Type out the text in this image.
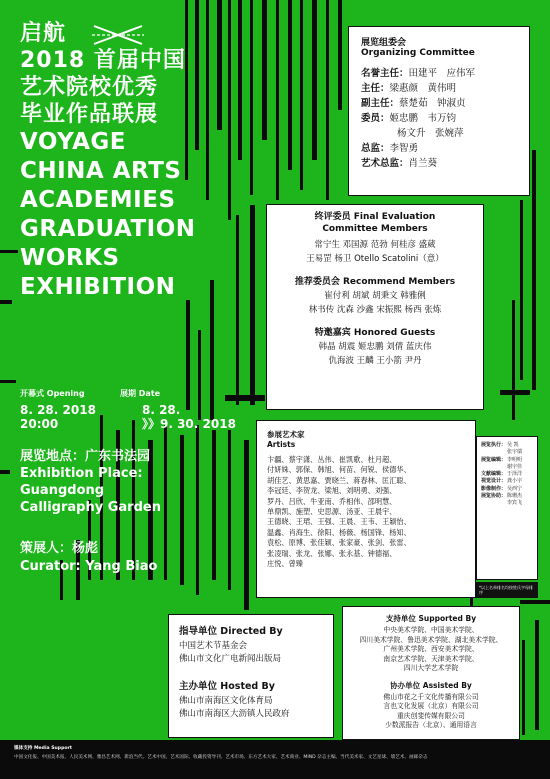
启航
2018 首届中国
艺术院校优秀
毕业作品联展
VOYAGE
CHINA ARTS
ACADEMIES
GRADUATION
WORKS
EXHIBITION
开幕式 Opening
8. 28. 2018
20:00
展期 Date
8. 28.
》》9. 30. 2018
展览地点：广东书法园
Exhibition Place:
Guangdong
Calligraphy Garden
策展人：杨彪
Curator: Yang Biao
展览组委会
Organizing Committee
名誉主任：田建平　应伟军
主任：梁惠颜　黄伟明
副主任：蔡楚茹　钟淑贞
委员：姬忠鹏　韦万钧
杨文升　张婉萍
总监：李智勇
艺术总监：肖兰葵
终评委员 Final Evaluation
Committee Members
常宁生 邓国源 范勃 何桂彦 盛葳
王易罡 杨卫 Otello Scatolini（意）
推荐委员会 Recommend Members
崔付利 胡斌 胡秉文 韩雅俐
林书传 沈森 沙鑫 宋振熙 杨西 张炼
特邀嘉宾 Honored Guests
韩晶 胡震 姬忠鹏 刘倩 蓝庆伟
仇海波 王麟 王小箭 尹丹
参展艺术家
Artists
卞疆、蔡宇潇、丛伟、崔凯歌、杜月超、
付妍姝、郭保、韩旭、何苗、何锐、侯德华、
胡佳艺、黄思嘉、贾晓兰、蒋春林、匡汇聪、
李冠廷、李贺龙、梁旭、刘明勇、刘强、
罗丹、吕欣、牛亚南、乔相伟、邵明慧、
单鼎凯、施塑、史思源、汤亚、王晨宇、
王德晓、王珺、王强、王晨、王韦、王颖怡、
温鑫、肖海生、徐阳、杨薇、杨国锋、杨知、
袁松、原博、张佳颖、张家豪、张剑、张雷、
张凌瑞、张龙、张娜、张永基、钟德福、
庄悦、曾臻
展览执行： 吴 凯
张宇瑞
展览编辑： 李明明
谢宇佳
文献编辑： 于泽洋
视觉设计： 龚小宇
影像制作： 吴西宁
展览协助： 陈珊杰
李宾飞
*以上名单排名均按姓氏字母排序
指导单位 Directed By
中国艺术节基金会
佛山市文化广电新闻出版局
主办单位 Hosted By
佛山市南海区文化体育局
佛山市南海区大沥镇人民政府
支持单位 Supported By
中央美术学院、中国美术学院、
四川美术学院、鲁迅美术学院、湖北美术学院、
广州美术学院、西安美术学院、
南京艺术学院、天津美术学院、
四川大学艺术学院
协办单位 Assisted By
佛山市花之千文化传播有限公司
言也文化发展（北京）有限公司
重庆创斐传媒有限公司
少数派报告（北京）、通用语言
媒体支持 Media Support
中国文化报、中国美术报、人民美术网、雅昌艺术网、新浪当代、艺术中国、艺术国际、收藏投资导刊、艺术市场、东方艺术大家、艺术商业、MIND 杂志主编、当代美术家、文艺星球、墙艺术、画廊杂志
